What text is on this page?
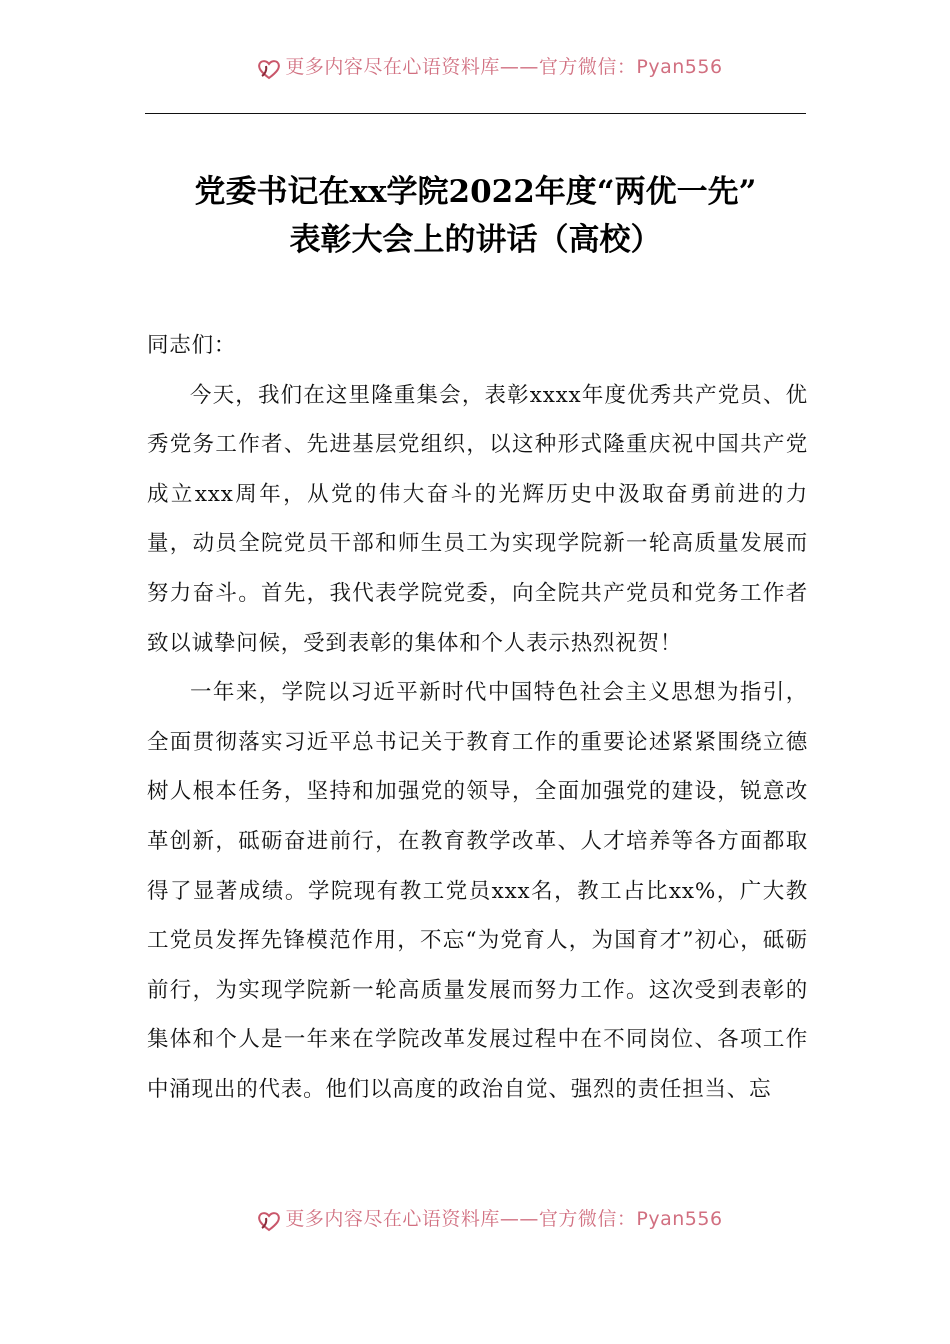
更多内容尽在心语资料库——官方微信：Pyan556
党委书记在xx学院2022年度“两优一先”
表彰大会上的讲话（高校）

同志们：

今天，我们在这里隆重集会，表彰xxxx年度优秀共产党员、优秀党务工作者、先进基层党组织，以这种形式隆重庆祝中国共产党成立xxx周年，从党的伟大奋斗的光辉历史中汲取奋勇前进的力量，动员全院党员干部和师生员工为实现学院新一轮高质量发展而努力奋斗。首先，我代表学院党委，向全院共产党员和党务工作者致以诚挚问候，受到表彰的集体和个人表示热烈祝贺！

一年来，学院以习近平新时代中国特色社会主义思想为指引，全面贯彻落实习近平总书记关于教育工作的重要论述紧紧围绕立德树人根本任务，坚持和加强党的领导，全面加强党的建设，锐意改革创新，砥砺奋进前行，在教育教学改革、人才培养等各方面都取得了显著成绩。学院现有教工党员xxx名，教工占比xx%，广大教工党员发挥先锋模范作用，不忘“为党育人，为国育才”初心，砥砺前行，为实现学院新一轮高质量发展而努力工作。这次受到表彰的集体和个人是一年来在学院改革发展过程中在不同岗位、各项工作中涌现出的代表。他们以高度的政治自觉、强烈的责任担当、忘

更多内容尽在心语资料库——官方微信：Pyan556
